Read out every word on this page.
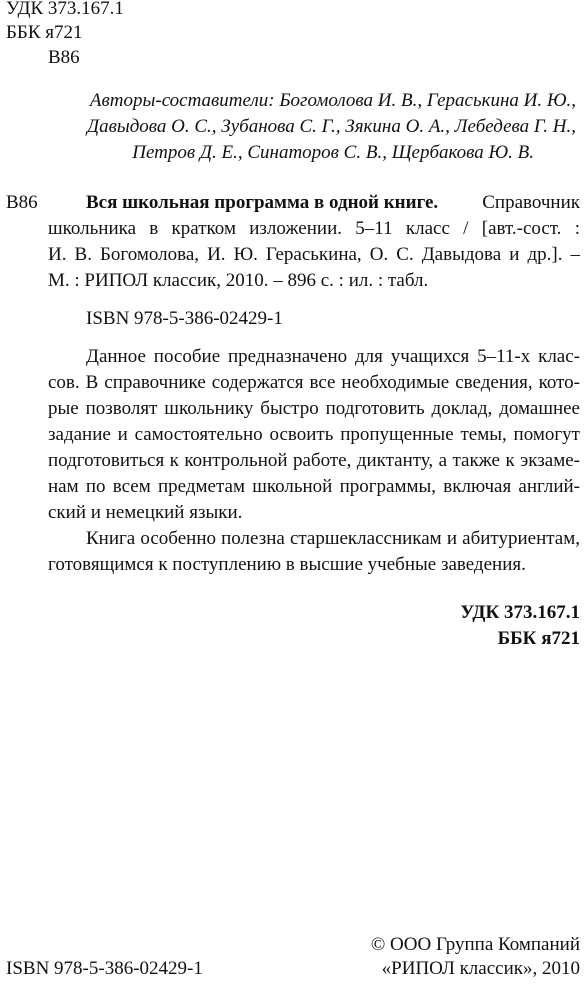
УДК 373.167.1
ББК я721
В86
Авторы-составители: Богомолова И. В., Гераськина И. Ю.,
Давыдова О. С., Зубанова С. Г., Зякина О. А., Лебедева Г. Н.,
Петров Д. Е., Синаторов С. В., Щербакова Ю. В.
В86	Вся школьная программа в одной книге. Справочник
школьника в кратком изложении. 5–11 класс / [авт.-сост. :
И. В. Богомолова, И. Ю. Гераськина, О. С. Давыдова и др.]. –
М. : РИПОЛ классик, 2010. – 896 с. : ил. : табл.
ISBN 978-5-386-02429-1
Данное пособие предназначено для учащихся 5–11-х клас-
сов. В справочнике содержатся все необходимые сведения, кото-
рые позволят школьнику быстро подготовить доклад, домашнее
задание и самостоятельно освоить пропущенные темы, помогут
подготовиться к контрольной работе, диктанту, а также к экзаме-
нам по всем предметам школьной программы, включая англий-
ский и немецкий языки.
Книга особенно полезна старшеклассникам и абитуриентам,
готовящимся к поступлению в высшие учебные заведения.
УДК 373.167.1
ББК я721
ISBN 978-5-386-02429-1
© ООО Группа Компаний
«РИПОЛ классик», 2010
